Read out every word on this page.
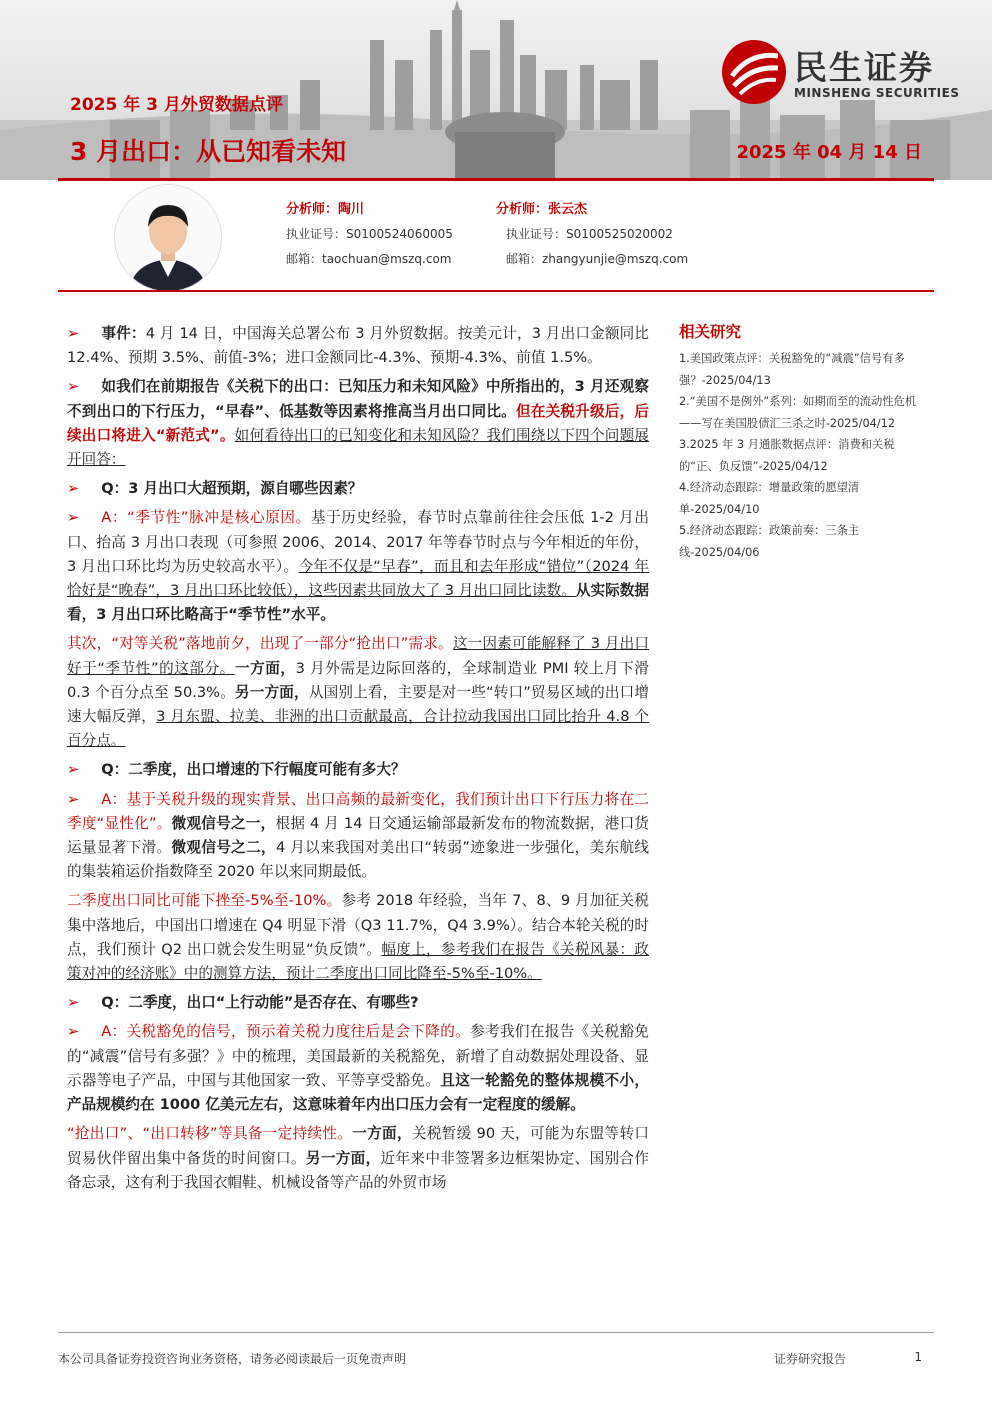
2025 年 3 月外贸数据点评
3 月出口：从已知看未知	2025 年 04 月 14 日
民生证券
MINSHENG SECURITIES
分析师：陶川
执业证号：S0100524060005
邮箱：taochuan@mszq.com
分析师：张云杰
执业证号：S0100525020002
邮箱：zhangyunjie@mszq.com

➢ 事件：4 月 14 日，中国海关总署公布 3 月外贸数据。按美元计，3 月出口金额同比 12.4%、预期 3.5%、前值-3%；进口金额同比-4.3%、预期-4.3%、前值 1.5%。

➢ 如我们在前期报告《关税下的出口：已知压力和未知风险》中所指出的，3 月还观察不到出口的下行压力，“早春”、低基数等因素将推高当月出口同比。但在关税升级后，后续出口将进入“新范式”。如何看待出口的已知变化和未知风险？我们围绕以下四个问题展开回答：

➢ Q：3 月出口大超预期，源自哪些因素？

➢ A：“季节性”脉冲是核心原因。基于历史经验，春节时点靠前往往会压低 1-2 月出口、抬高 3 月出口表现（可参照 2006、2014、2017 年等春节时点与今年相近的年份，3 月出口环比均为历史较高水平）。今年不仅是“早春”，而且和去年形成“错位”（2024 年恰好是“晚春”，3 月出口环比较低），这些因素共同放大了 3 月出口同比读数。从实际数据看，3 月出口环比略高于“季节性”水平。

其次，“对等关税”落地前夕，出现了一部分“抢出口”需求。这一因素可能解释了 3 月出口好于“季节性”的这部分。一方面，3 月外需是边际回落的，全球制造业 PMI 较上月下滑 0.3 个百分点至 50.3%。另一方面，从国别上看，主要是对一些“转口”贸易区域的出口增速大幅反弹，3 月东盟、拉美、非洲的出口贡献最高，合计拉动我国出口同比抬升 4.8 个百分点。

➢ Q：二季度，出口增速的下行幅度可能有多大？

➢ A：基于关税升级的现实背景、出口高频的最新变化，我们预计出口下行压力将在二季度“显性化”。微观信号之一，根据 4 月 14 日交通运输部最新发布的物流数据，港口货运量显著下滑。微观信号之二，4 月以来我国对美出口“转弱”迹象进一步强化，美东航线的集装箱运价指数降至 2020 年以来同期最低。

二季度出口同比可能下挫至-5%至-10%。参考 2018 年经验，当年 7、8、9 月加征关税集中落地后，中国出口增速在 Q4 明显下滑（Q3 11.7%，Q4 3.9%）。结合本轮关税的时点，我们预计 Q2 出口就会发生明显“负反馈”。幅度上，参考我们在报告《关税风暴：政策对冲的经济账》中的测算方法，预计二季度出口同比降至-5%至-10%。

➢ Q：二季度，出口“上行动能”是否存在、有哪些?

➢ A：关税豁免的信号，预示着关税力度往后是会下降的。参考我们在报告《关税豁免的“减震”信号有多强？》中的梳理，美国最新的关税豁免，新增了自动数据处理设备、显示器等电子产品，中国与其他国家一致、平等享受豁免。且这一轮豁免的整体规模不小，产品规模约在 1000 亿美元左右，这意味着年内出口压力会有一定程度的缓解。

“抢出口”、“出口转移”等具备一定持续性。一方面，关税暂缓 90 天，可能为东盟等转口贸易伙伴留出集中备货的时间窗口。另一方面，近年来中非签署多边框架协定、国别合作备忘录，这有利于我国衣帽鞋、机械设备等产品的外贸市场

相关研究
1.美国政策点评：关税豁免的“减震”信号有多强？-2025/04/13
2.“美国不是例外”系列：如期而至的流动性危机——写在美国股债汇三杀之时-2025/04/12
3.2025 年 3 月通胀数据点评：消费和关税的“正、负反馈”-2025/04/12
4.经济动态跟踪：增量政策的愿望清单-2025/04/10
5.经济动态跟踪：政策前奏：三条主线-2025/04/06
本公司具备证券投资咨询业务资格，请务必阅读最后一页免责声明	证券研究报告	1
